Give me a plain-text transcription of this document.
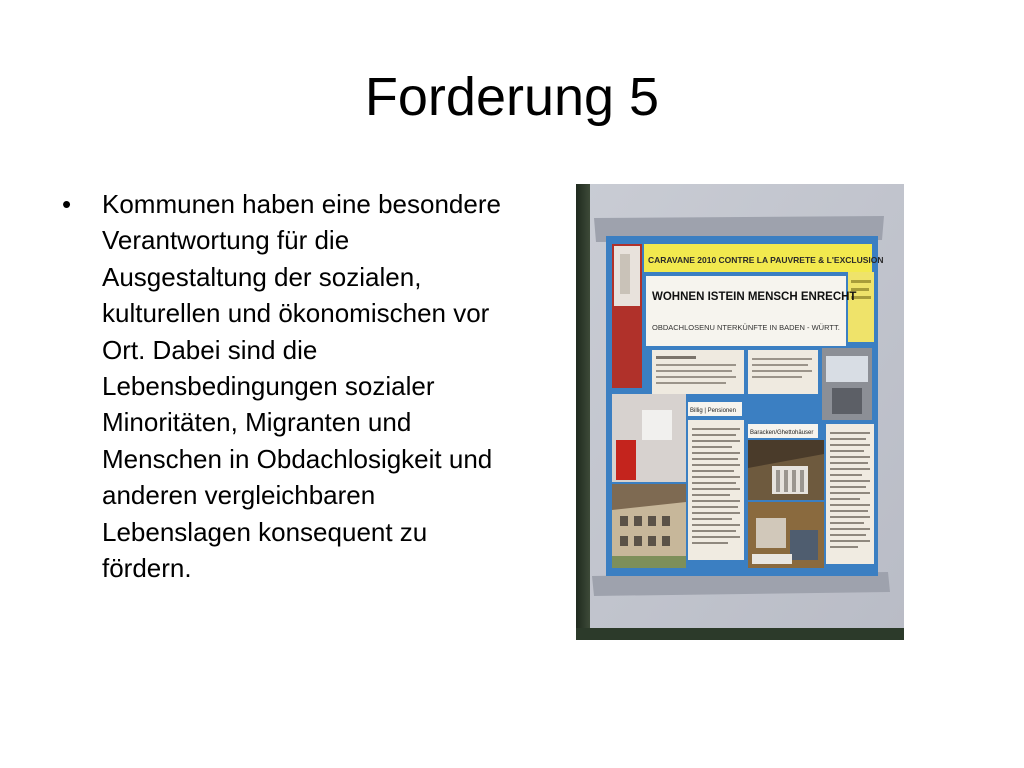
Forderung 5
• Kommunen haben eine besondere Verantwortung für die Ausgestaltung der sozialen, kulturellen und ökonomischen vor Ort. Dabei sind die Lebensbedingungen sozialer Minoritäten, Migranten und Menschen in Obdachlosigkeit und anderen vergleichbaren Lebenslagen konsequent zu fördern.
CARAVANE 2010 CONTRE LA PAUVRETE & L'EXCLUSION
WOHNEN ISTEIN MENSCH ENRECHT
OBDACHLOSENU NTERKÜNFTE IN BADEN - WÜRTT.
Billig | Pensionen
Baracken/Ghettohäuser
